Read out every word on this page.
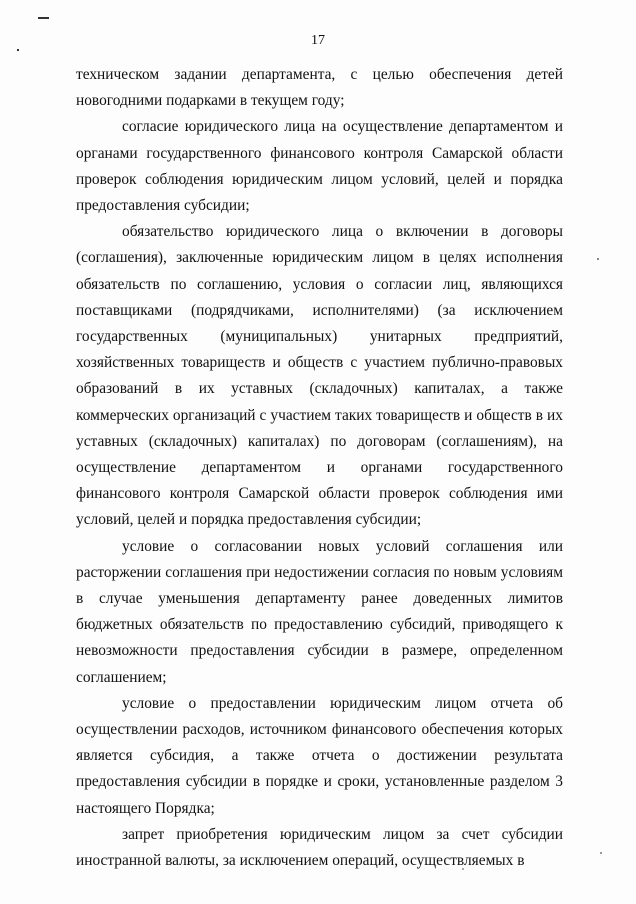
17

техническом задании департамента, с целью обеспечения детей новогодними подарками в текущем году;

согласие юридического лица на осуществление департаментом и органами государственного финансового контроля Самарской области проверок соблюдения юридическим лицом условий, целей и порядка предоставления субсидии;

обязательство юридического лица о включении в договоры (соглашения), заключенные юридическим лицом в целях исполнения обязательств по соглашению, условия о согласии лиц, являющихся поставщиками (подрядчиками, исполнителями) (за исключением государственных (муниципальных) унитарных предприятий, хозяйственных товариществ и обществ с участием публично-правовых образований в их уставных (складочных) капиталах, а также коммерческих организаций с участием таких товариществ и обществ в их уставных (складочных) капиталах) по договорам (соглашениям), на осуществление департаментом и органами государственного финансового контроля Самарской области проверок соблюдения ими условий, целей и порядка предоставления субсидии;

условие о согласовании новых условий соглашения или расторжении соглашения при недостижении согласия по новым условиям в случае уменьшения департаменту ранее доведенных лимитов бюджетных обязательств по предоставлению субсидий, приводящего к невозможности предоставления субсидии в размере, определенном соглашением;

условие о предоставлении юридическим лицом отчета об осуществлении расходов, источником финансового обеспечения которых является субсидия, а также отчета о достижении результата предоставления субсидии в порядке и сроки, установленные разделом 3 настоящего Порядка;

запрет приобретения юридическим лицом за счет субсидии иностранной валюты, за исключением операций, осуществляемых в
